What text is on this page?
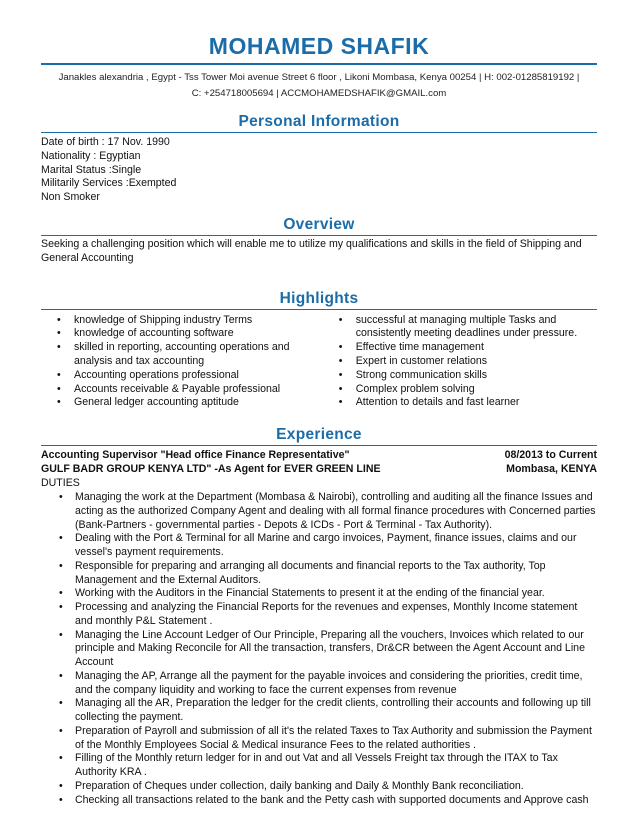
MOHAMED SHAFIK
Janakles alexandria , Egypt - Tss Tower Moi avenue Street 6 floor , Likoni Mombasa, Kenya 00254 | H: 002-01285819192 |
C: +254718005694 | ACCMOHAMEDSHAFIK@GMAIL.com
Personal Information
Date of birth : 17 Nov. 1990
Nationality : Egyptian
Marital Status :Single
Militarily Services :Exempted
Non Smoker
Overview
Seeking a challenging position which will enable me to utilize my qualifications and skills in the field of Shipping and General Accounting
Highlights
• knowledge of Shipping industry Terms
• knowledge of accounting software
• skilled in reporting, accounting operations and analysis and tax accounting
• Accounting operations professional
• Accounts receivable & Payable professional
• General ledger accounting aptitude
• successful at managing multiple Tasks and consistently meeting deadlines under pressure.
• Effective time management
• Expert in customer relations
• Strong communication skills
• Complex problem solving
• Attention to details and fast learner
Experience
Accounting Supervisor "Head office Finance Representative"	08/2013 to Current
GULF BADR GROUP KENYA LTD" -As Agent for EVER GREEN LINE	Mombasa, KENYA
DUTIES
• Managing the work at the Department (Mombasa & Nairobi), controlling and auditing all the finance Issues and acting as the authorized Company Agent and dealing with all formal finance procedures with Concerned parties (Bank-Partners - governmental parties - Depots & ICDs - Port & Terminal - Tax Authority).
• Dealing with the Port & Terminal for all Marine and cargo invoices, Payment, finance issues, claims and our vessel's payment requirements.
• Responsible for preparing and arranging all documents and financial reports to the Tax authority, Top Management and the External Auditors.
• Working with the Auditors in the Financial Statements to present it at the ending of the financial year.
• Processing and analyzing the Financial Reports for the revenues and expenses, Monthly Income statement and monthly P&L Statement .
• Managing the Line Account Ledger of Our Principle, Preparing all the vouchers, Invoices which related to our principle and Making Reconcile for All the transaction, transfers, Dr&CR between the Agent Account and Line Account
• Managing the AP, Arrange all the payment for the payable invoices and considering the priorities, credit time, and the company liquidity and working to face the current expenses from revenue
• Managing all the AR, Preparation the ledger for the credit clients, controlling their accounts and following up till collecting the payment.
• Preparation of Payroll and submission of all it's the related Taxes to Tax Authority and submission the Payment of the Monthly Employees Social & Medical insurance Fees to the related authorities .
• Filling of the Monthly return ledger for in and out Vat and all Vessels Freight tax through the ITAX to Tax Authority KRA .
• Preparation of Cheques under collection, daily banking and Daily & Monthly Bank reconciliation.
• Checking all transactions related to the bank and the Petty cash with supported documents and Approve cash
